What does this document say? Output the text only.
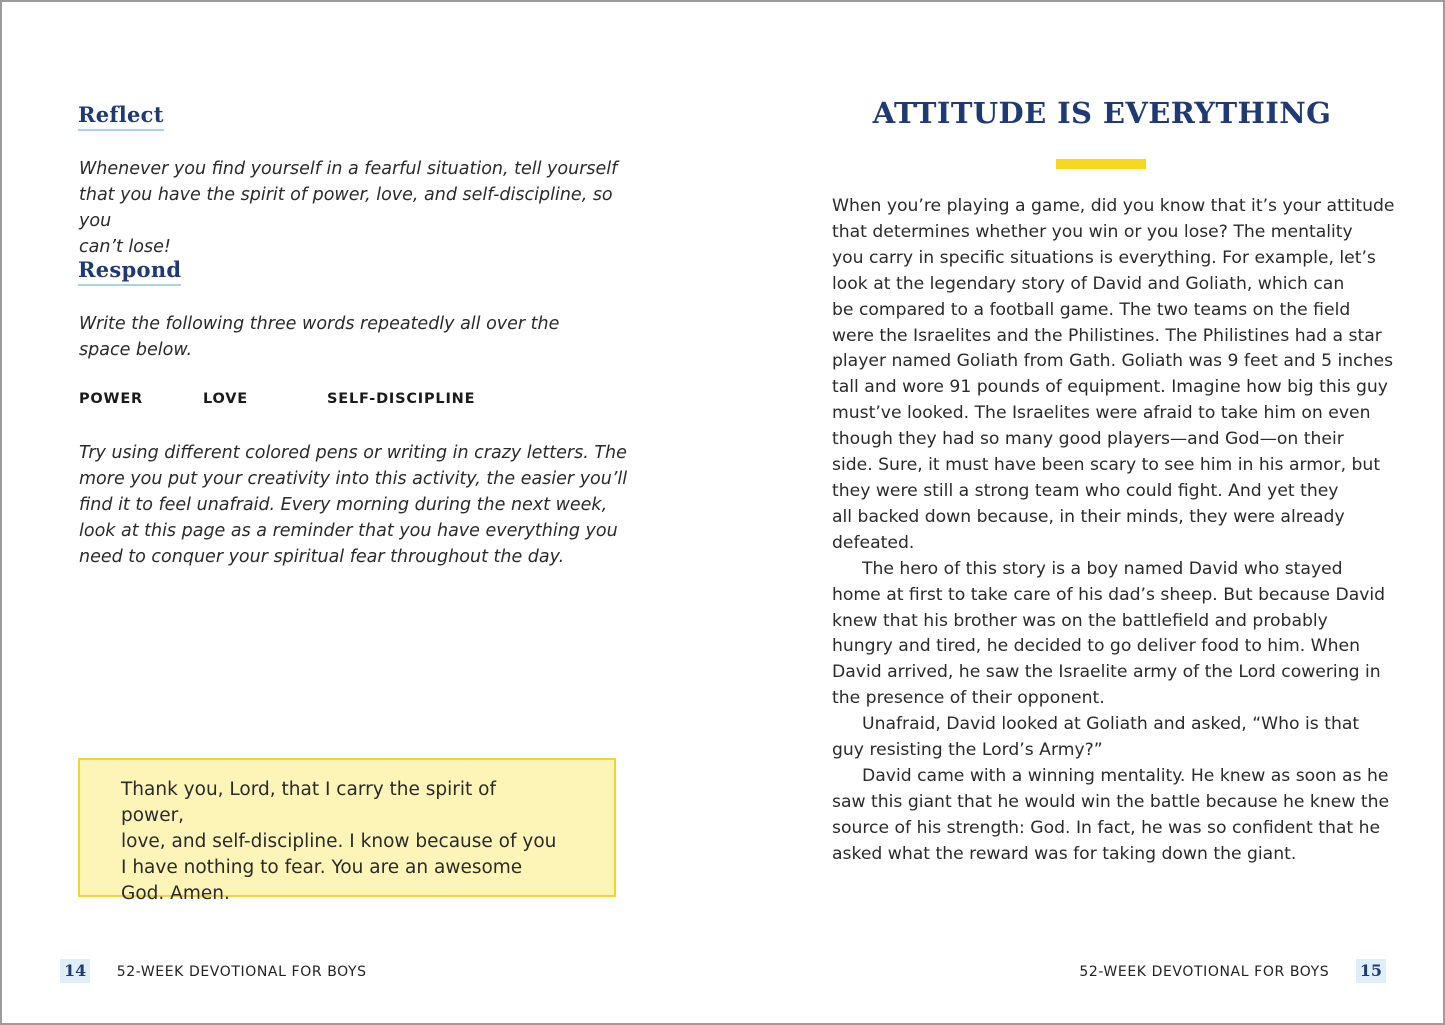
Reflect

Whenever you find yourself in a fearful situation, tell yourself
that you have the spirit of power, love, and self-discipline, so you
can’t lose!

Respond

Write the following three words repeatedly all over the
space below.

POWER	LOVE	SELF-DISCIPLINE

Try using different colored pens or writing in crazy letters. The
more you put your creativity into this activity, the easier you’ll
find it to feel unafraid. Every morning during the next week,
look at this page as a reminder that you have everything you
need to conquer your spiritual fear throughout the day.

Thank you, Lord, that I carry the spirit of power,
love, and self-discipline. I know because of you
I have nothing to fear. You are an awesome
God. Amen.

14 52-WEEK DEVOTIONAL FOR BOYS
ATTITUDE IS EVERYTHING

When you’re playing a game, did you know that it’s your attitude
that determines whether you win or you lose? The mentality
you carry in specific situations is everything. For example, let’s
look at the legendary story of David and Goliath, which can
be compared to a football game. The two teams on the field
were the Israelites and the Philistines. The Philistines had a star
player named Goliath from Gath. Goliath was 9 feet and 5 inches
tall and wore 91 pounds of equipment. Imagine how big this guy
must’ve looked. The Israelites were afraid to take him on even
though they had so many good players—and God—on their
side. Sure, it must have been scary to see him in his armor, but
they were still a strong team who could fight. And yet they
all backed down because, in their minds, they were already
defeated.

The hero of this story is a boy named David who stayed
home at first to take care of his dad’s sheep. But because David
knew that his brother was on the battlefield and probably
hungry and tired, he decided to go deliver food to him. When
David arrived, he saw the Israelite army of the Lord cowering in
the presence of their opponent.

Unafraid, David looked at Goliath and asked, “Who is that
guy resisting the Lord’s Army?”

David came with a winning mentality. He knew as soon as he
saw this giant that he would win the battle because he knew the
source of his strength: God. In fact, he was so confident that he
asked what the reward was for taking down the giant.

52-WEEK DEVOTIONAL FOR BOYS 15
